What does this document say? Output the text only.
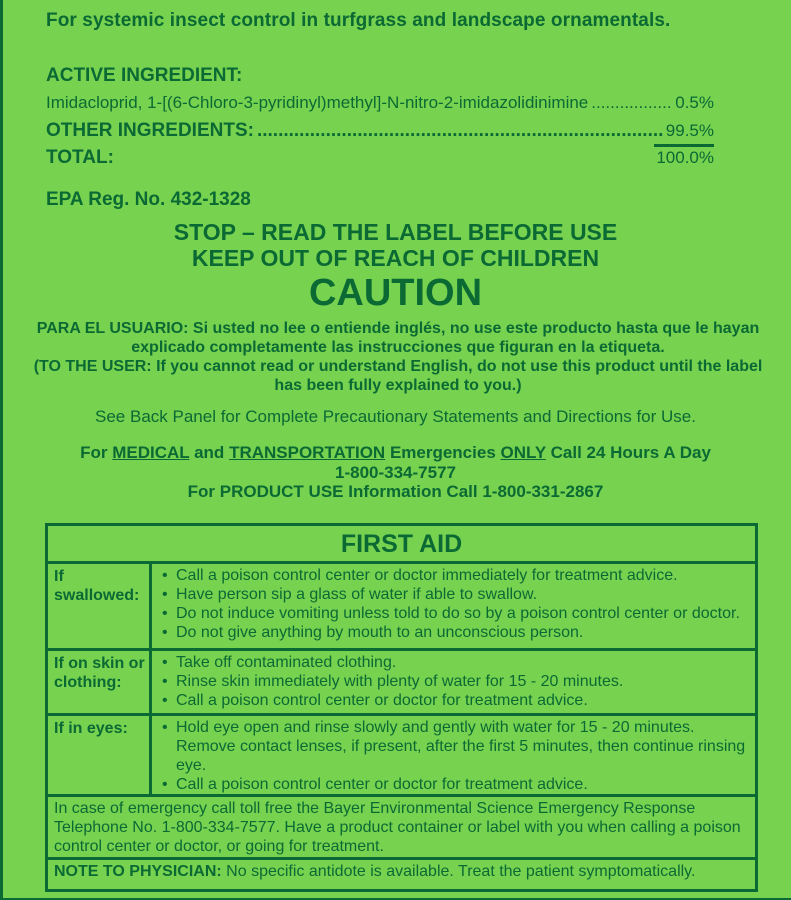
For systemic insect control in turfgrass and landscape ornamentals.
ACTIVE INGREDIENT:
Imidacloprid, 1-[(6-Chloro-3-pyridinyl)methyl]-N-nitro-2-imidazolidinimine .....	0.5%
OTHER INGREDIENTS: .....	99.5%
TOTAL:	100.0%
EPA Reg. No. 432-1328
STOP – READ THE LABEL BEFORE USE
KEEP OUT OF REACH OF CHILDREN
CAUTION
PARA EL USUARIO: Si usted no lee o entiende inglés, no use este producto hasta que le hayan explicado completamente las instrucciones que figuran en la etiqueta.
(TO THE USER: If you cannot read or understand English, do not use this product until the label has been fully explained to you.)
See Back Panel for Complete Precautionary Statements and Directions for Use.
For MEDICAL and TRANSPORTATION Emergencies ONLY Call 24 Hours A Day
1-800-334-7577
For PRODUCT USE Information Call 1-800-331-2867
FIRST AID
If swallowed:
• Call a poison control center or doctor immediately for treatment advice.
• Have person sip a glass of water if able to swallow.
• Do not induce vomiting unless told to do so by a poison control center or doctor.
• Do not give anything by mouth to an unconscious person.
If on skin or clothing:
• Take off contaminated clothing.
• Rinse skin immediately with plenty of water for 15 - 20 minutes.
• Call a poison control center or doctor for treatment advice.
If in eyes:	• Hold eye open and rinse slowly and gently with water for 15 - 20 minutes. Remove contact lenses, if present, after the first 5 minutes, then continue rinsing eye.
• Call a poison control center or doctor for treatment advice.
In case of emergency call toll free the Bayer Environmental Science Emergency Response Telephone No. 1-800-334-7577. Have a product container or label with you when calling a poison control center or doctor, or going for treatment.
NOTE TO PHYSICIAN: No specific antidote is available. Treat the patient symptomatically.
